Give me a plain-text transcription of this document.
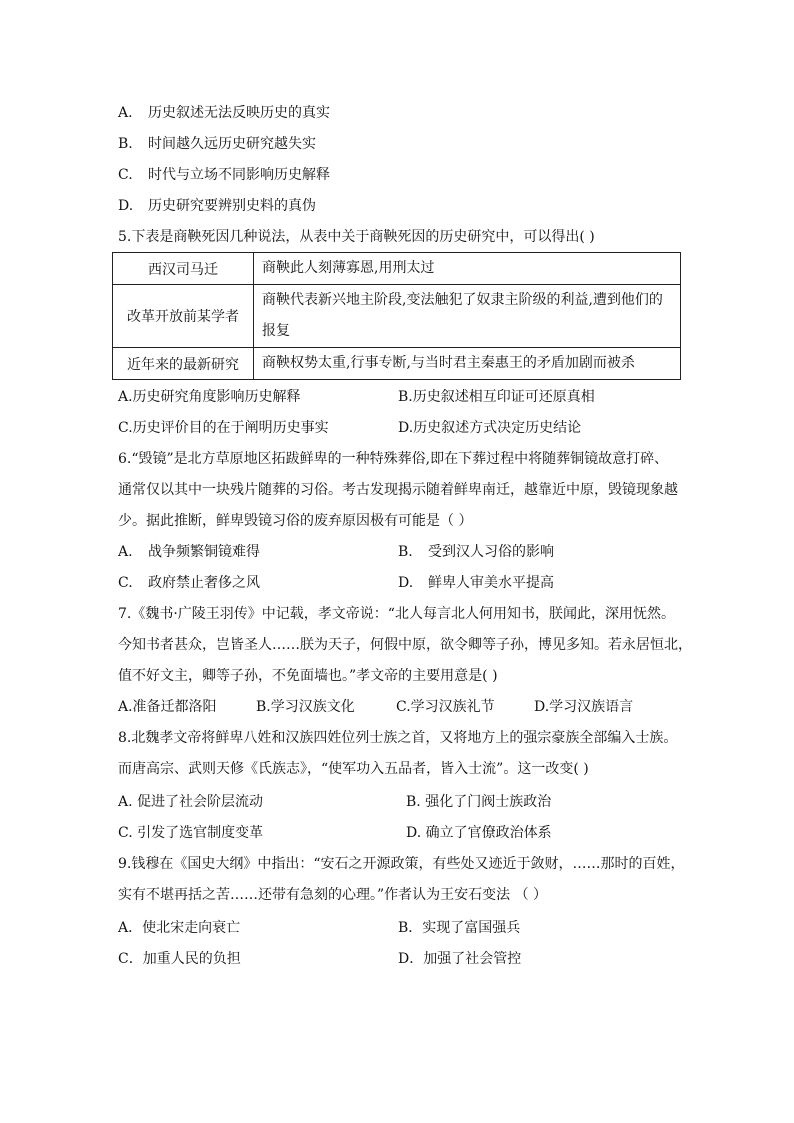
A. 历史叙述无法反映历史的真实
B. 时间越久远历史研究越失实
C. 时代与立场不同影响历史解释
D. 历史研究要辨别史料的真伪
5.下表是商鞅死因几种说法，从表中关于商鞅死因的历史研究中，可以得出( )
西汉司马迁	商鞅此人刻薄寡恩,用刑太过
改革开放前某学者	商鞅代表新兴地主阶段,变法触犯了奴隶主阶级的利益,遭到他们的报复
近年来的最新研究	商鞅权势太重,行事专断,与当时君主秦惠王的矛盾加剧而被杀
A.历史研究角度影响历史解释	B.历史叙述相互印证可还原真相
C.历史评价目的在于阐明历史事实	D.历史叙述方式决定历史结论
6.“毁镜”是北方草原地区拓跋鲜卑的一种特殊葬俗,即在下葬过程中将随葬铜镜故意打碎、
通常仅以其中一块残片随葬的习俗。考古发现揭示随着鲜卑南迁，越靠近中原，毁镜现象越
少。据此推断，鲜卑毁镜习俗的废弃原因极有可能是（ ）
A. 战争频繁铜镜难得	B. 受到汉人习俗的影响
C. 政府禁止奢侈之风	D. 鲜卑人审美水平提高
7.《魏书·广陵王羽传》中记载，孝文帝说：“北人每言北人何用知书，朕闻此，深用怃然。
今知书者甚众，岂皆圣人……朕为天子，何假中原，欲令卿等子孙，博见多知。若永居恒北，
值不好文主，卿等子孙，不免面墙也。”孝文帝的主要用意是( )
A.准备迁都洛阳	B.学习汉族文化	C.学习汉族礼节	D.学习汉族语言
8.北魏孝文帝将鲜卑八姓和汉族四姓位列士族之首，又将地方上的强宗豪族全部编入士族。
而唐高宗、武则天修《氏族志》，“使军功入五品者，皆入士流”。这一改变( )
A. 促进了社会阶层流动	B. 强化了门阀士族政治
C. 引发了选官制度变革	D. 确立了官僚政治体系
9.钱穆在《国史大纲》中指出：“安石之开源政策，有些处又迹近于敛财，……那时的百姓，
实有不堪再括之苦……还带有急刻的心理。”作者认为王安石变法 （ ）
A．使北宋走向衰亡	B．实现了富国强兵
C．加重人民的负担	D．加强了社会管控
